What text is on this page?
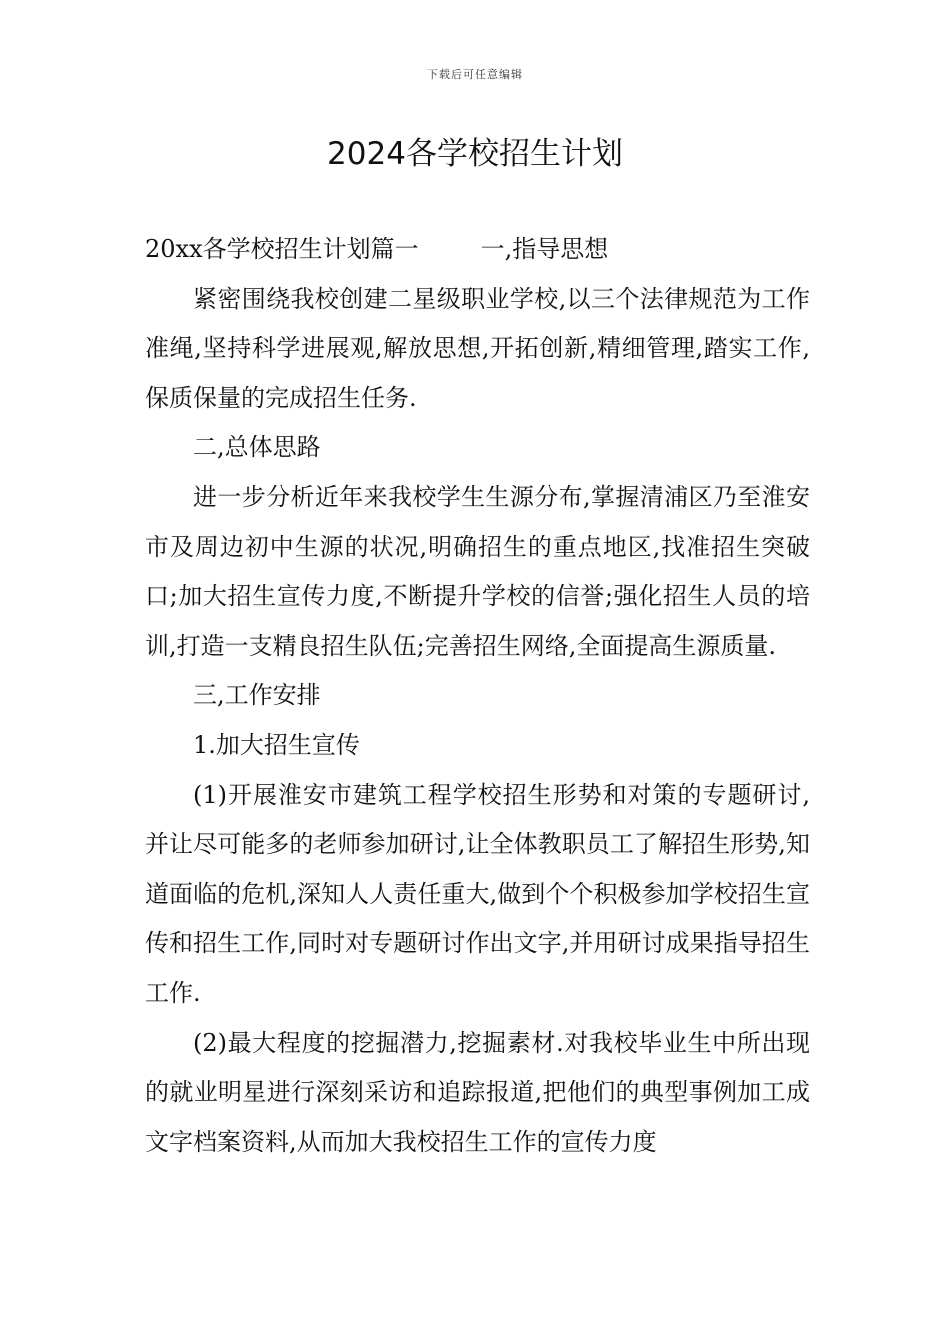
下载后可任意编辑
2024各学校招生计划

20xx各学校招生计划篇一	一,指导思想

紧密围绕我校创建二星级职业学校,以三个法律规范为工作准绳,坚持科学进展观,解放思想,开拓创新,精细管理,踏实工作,保质保量的完成招生任务.

二,总体思路

进一步分析近年来我校学生生源分布,掌握清浦区乃至淮安市及周边初中生源的状况,明确招生的重点地区,找准招生突破口;加大招生宣传力度,不断提升学校的信誉;强化招生人员的培训,打造一支精良招生队伍;完善招生网络,全面提高生源质量.

三,工作安排

1.加大招生宣传

(1)开展淮安市建筑工程学校招生形势和对策的专题研讨,并让尽可能多的老师参加研讨,让全体教职员工了解招生形势,知道面临的危机,深知人人责任重大,做到个个积极参加学校招生宣传和招生工作,同时对专题研讨作出文字,并用研讨成果指导招生工作.

(2)最大程度的挖掘潜力,挖掘素材.对我校毕业生中所出现的就业明星进行深刻采访和追踪报道,把他们的典型事例加工成文字档案资料,从而加大我校招生工作的宣传力度
